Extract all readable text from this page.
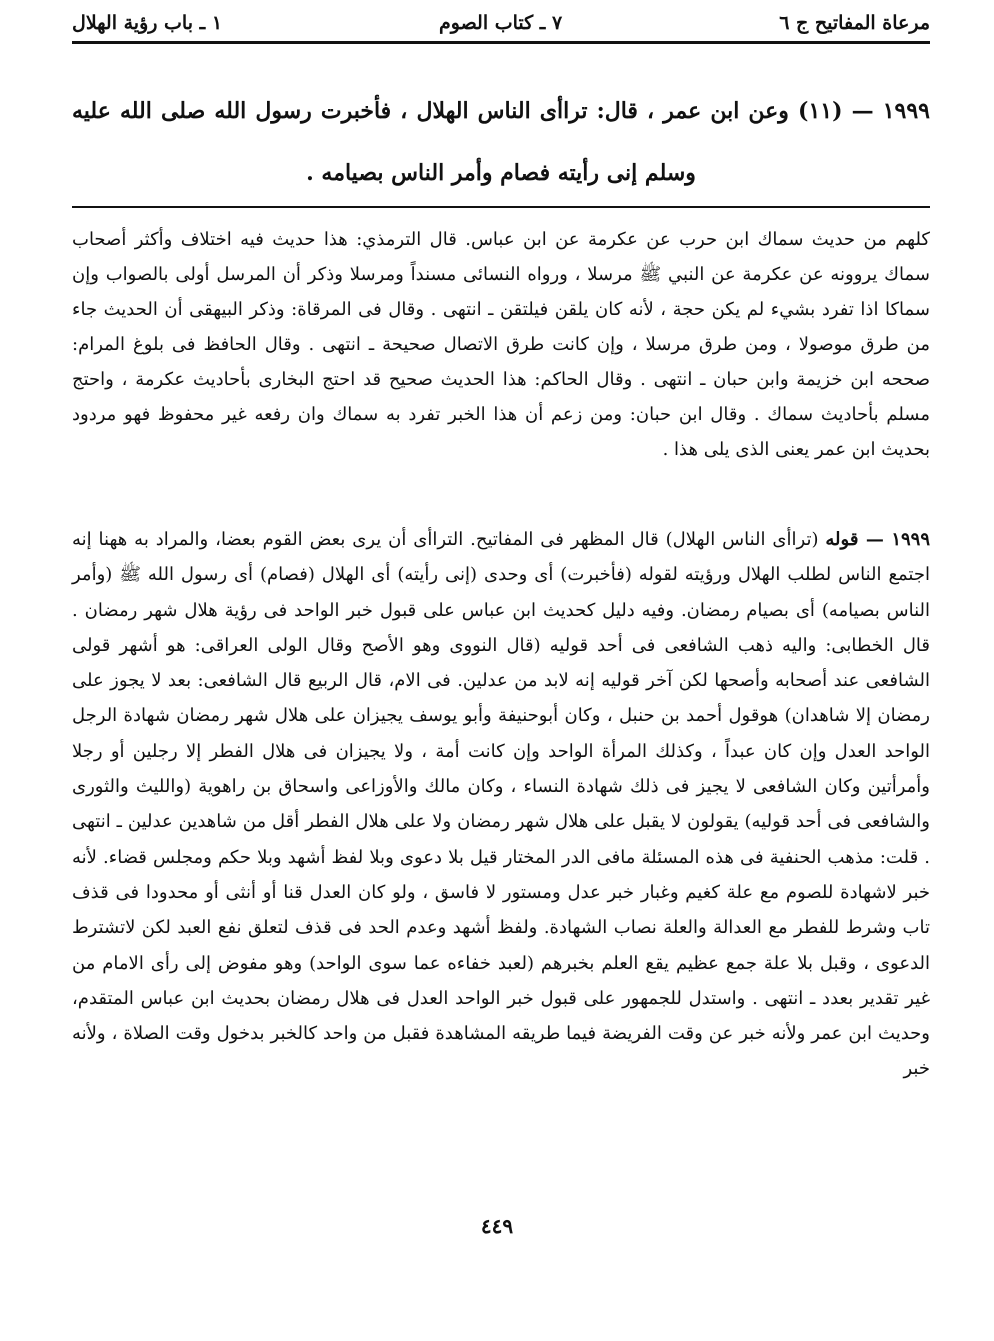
مرعاة المفاتيح ج ٦
٧ ـ كتاب الصوم
١ ـ باب رؤية الهلال
١٩٩٩ — (١١) وعن ابن عمر ، قال: تراأى الناس الهلال ، فأخبرت رسول الله صلى الله عليه وسلم إنى رأيته فصام وأمر الناس بصيامه .
كلهم من حديث سماك ابن حرب عن عكرمة عن ابن عباس. قال الترمذي: هذا حديث فيه اختلاف وأكثر أصحاب سماك يروونه عن عكرمة عن النبي ﷺ مرسلا ، ورواه النسائى مسنداً ومرسلا وذكر أن المرسل أولى بالصواب وإن سماكا اذا تفرد بشيء لم يكن حجة ، لأنه كان يلقن فيلتقن ـ انتهى . وقال فى المرقاة: وذكر البيهقى أن الحديث جاء من طرق موصولا ، ومن طرق مرسلا ، وإن كانت طرق الاتصال صحيحة ـ انتهى . وقال الحافظ فى بلوغ المرام: صححه ابن خزيمة وابن حبان ـ انتهى . وقال الحاكم: هذا الحديث صحيح قد احتج البخارى بأحاديث عكرمة ، واحتج مسلم بأحاديث سماك . وقال ابن حبان: ومن زعم أن هذا الخبر تفرد به سماك وان رفعه غير محفوظ فهو مردود بحديث ابن عمر يعنى الذى يلى هذا .
١٩٩٩ — قوله (تراأى الناس الهلال) قال المظهر فى المفاتيح. التراأى أن يرى بعض القوم بعضا، والمراد به ههنا إنه اجتمع الناس لطلب الهلال ورؤيته لقوله (فأخبرت) أى وحدى (إنى رأيته) أى الهلال (فصام) أى رسول الله ﷺ (وأمر الناس بصيامه) أى بصيام رمضان. وفيه دليل كحديث ابن عباس على قبول خبر الواحد فى رؤية هلال شهر رمضان . قال الخطابى: واليه ذهب الشافعى فى أحد قوليه (قال النووى وهو الأصح وقال الولى العراقى: هو أشهر قولى الشافعى عند أصحابه وأصحها لكن آخر قوليه إنه لابد من عدلين. فى الام، قال الربيع قال الشافعى: بعد لا يجوز على رمضان إلا شاهدان) هوقول أحمد بن حنبل ، وكان أبوحنيفة وأبو يوسف يجيزان على هلال شهر رمضان شهادة الرجل الواحد العدل وإن كان عبداً ، وكذلك المرأة الواحد وإن كانت أمة ، ولا يجيزان فى هلال الفطر إلا رجلين أو رجلا وأمرأتين وكان الشافعى لا يجيز فى ذلك شهادة النساء ، وكان مالك والأوزاعى واسحاق بن راهوية (والليث والثورى والشافعى فى أحد قوليه) يقولون لا يقبل على هلال شهر رمضان ولا على هلال الفطر أقل من شاهدين عدلين ـ انتهى . قلت: مذهب الحنفية فى هذه المسئلة مافى الدر المختار قيل بلا دعوى وبلا لفظ أشهد وبلا حكم ومجلس قضاء. لأنه خبر لاشهادة للصوم مع علة كغيم وغبار خبر عدل ومستور لا فاسق ، ولو كان العدل قنا أو أنثى أو محدودا فى قذف تاب وشرط للفطر مع العدالة والعلة نصاب الشهادة. ولفظ أشهد وعدم الحد فى قذف لتعلق نفع العبد لكن لاتشترط الدعوى ، وقبل بلا علة جمع عظيم يقع العلم بخبرهم (لعبد خفاءه عما سوى الواحد) وهو مفوض إلى رأى الامام من غير تقدير بعدد ـ انتهى . واستدل للجمهور على قبول خبر الواحد العدل فى هلال رمضان بحديث ابن عباس المتقدم، وحديث ابن عمر ولأنه خبر عن وقت الفريضة فيما طريقه المشاهدة فقبل من واحد كالخبر بدخول وقت الصلاة ، ولأنه خبر
٤٤٩
